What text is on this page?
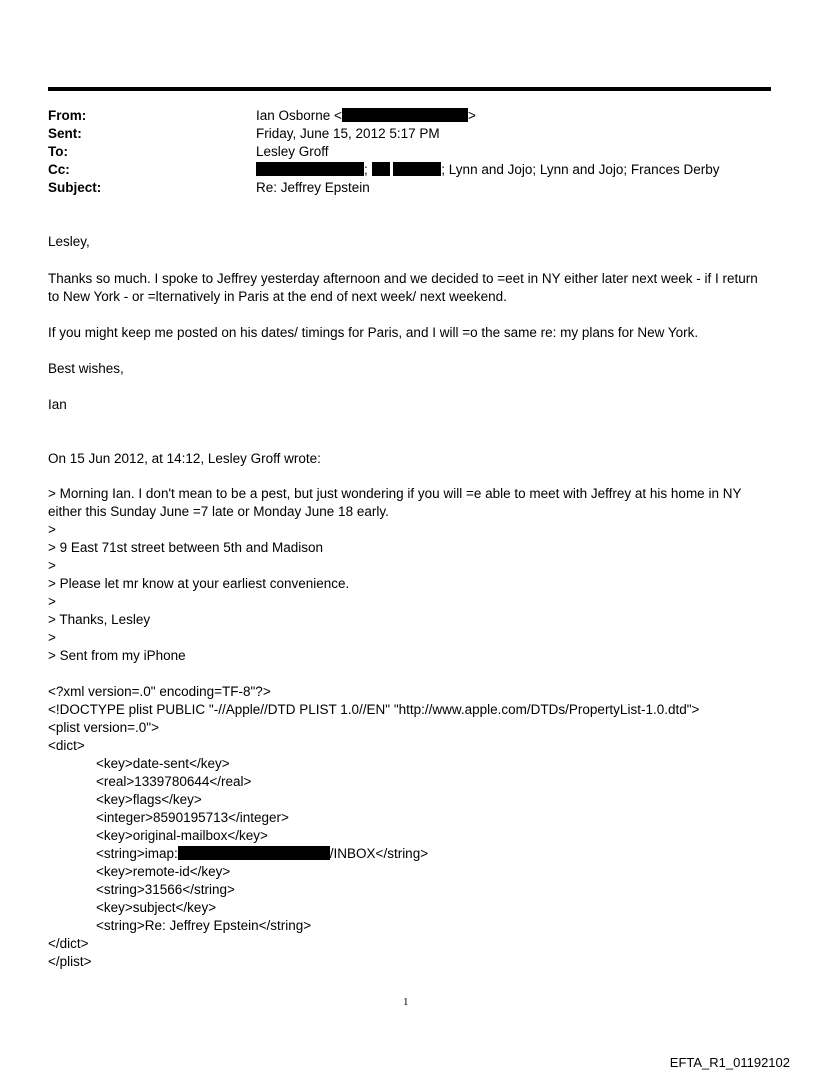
From:	Ian Osborne <	>
Sent:	Friday, June 15, 2012 5:17 PM
To:	Lesley Groff
Cc:	;	; Lynn and Jojo; Lynn and Jojo; Frances Derby
Subject:	Re: Jeffrey Epstein
Lesley,
Thanks so much. I spoke to Jeffrey yesterday afternoon and we decided to =eet in NY either later next week - if I return
to New York - or =lternatively in Paris at the end of next week/ next weekend.
If you might keep me posted on his dates/ timings for Paris, and I will =o the same re: my plans for New York.
Best wishes,
Ian
On 15 Jun 2012, at 14:12, Lesley Groff wrote:
> Morning Ian. I don't mean to be a pest, but just wondering if you will =e able to meet with Jeffrey at his home in NY
either this Sunday June =7 late or Monday June 18 early.
>
> 9 East 71st street between 5th and Madison
>
> Please let mr know at your earliest convenience.
>
> Thanks, Lesley
>
> Sent from my iPhone
<?xml version=.0" encoding=TF-8"?>
<!DOCTYPE plist PUBLIC "-//Apple//DTD PLIST 1.0//EN" "http://www.apple.com/DTDs/PropertyList-1.0.dtd">
<plist version=.0">
<dict>
<key>date-sent</key>
<real>1339780644</real>
<key>flags</key>
<integer>8590195713</integer>
<key>original-mailbox</key>
<string>imap:	/INBOX</string>
<key>remote-id</key>
<string>31566</string>
<key>subject</key>
<string>Re: Jeffrey Epstein</string>
</dict>
</plist>
1
EFTA_R1_01192102
